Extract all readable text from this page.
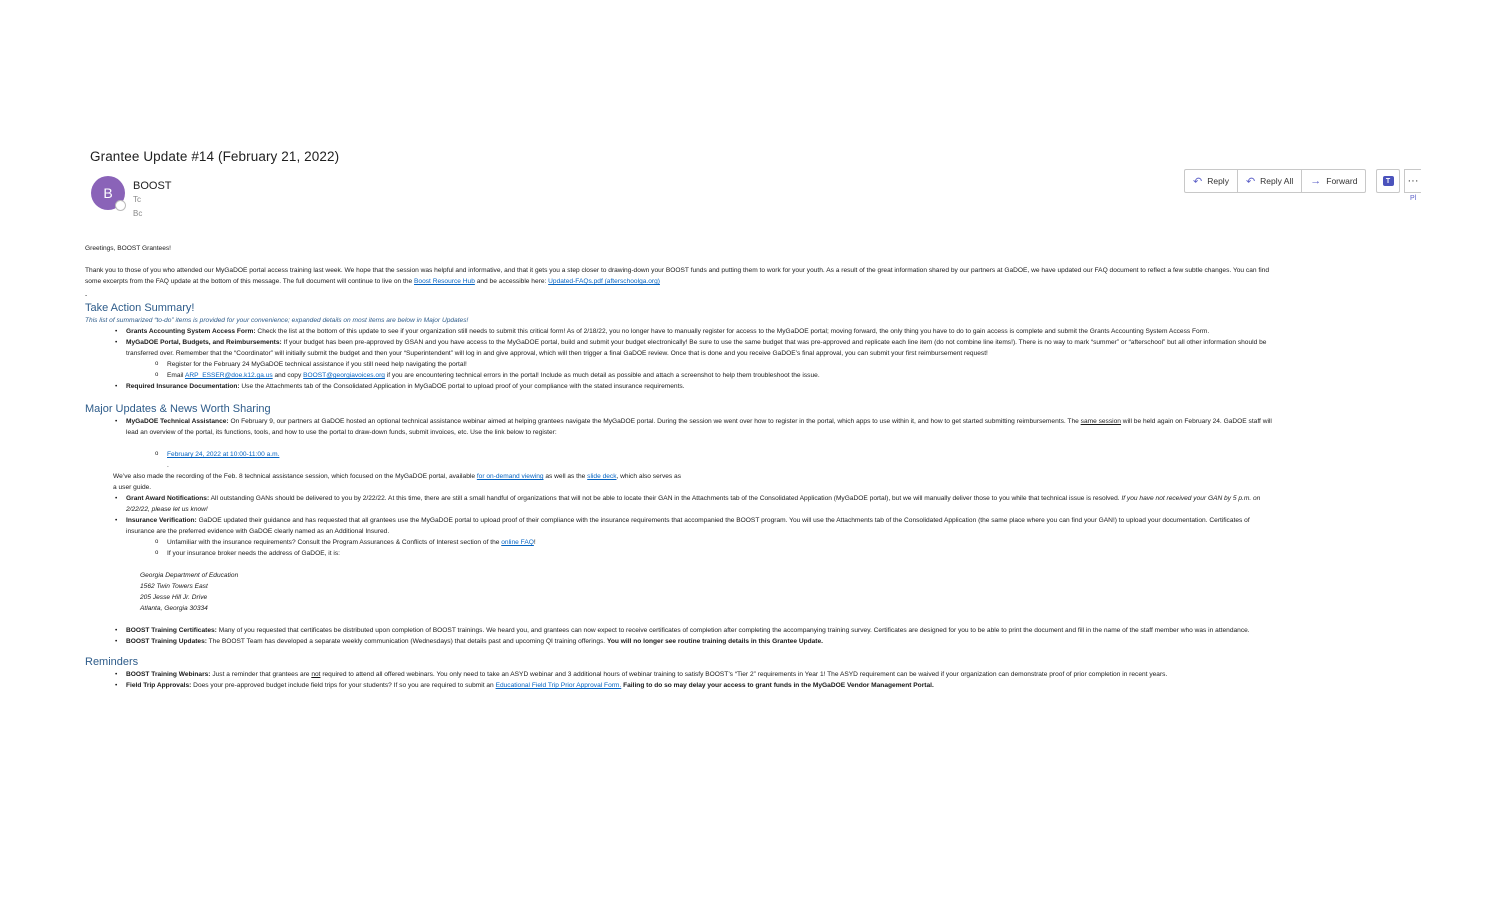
Grantee Update #14 (February 21, 2022)
B	BOOST
Tc
Bc
↶ Reply ↶ Reply All → Forward	T	···
Pl

Greetings, BOOST Grantees!

Thank you to those of you who attended our MyGaDOE portal access training last week. We hope that the session was helpful and informative, and that it gets you a step closer to drawing-down your BOOST funds and putting them to work for your youth. As a result of the great information shared by our partners at GaDOE, we have updated our FAQ document to reflect a few subtle changes. You can find some excerpts from the FAQ update at the bottom of this message. The full document will continue to live on the Boost Resource Hub and be accessible here: Updated-FAQs.pdf (afterschoolga.org)

-

Take Action Summary!

This list of summarized “to-do” items is provided for your convenience; expanded details on most items are below in Major Updates!

• Grants Accounting System Access Form: Check the list at the bottom of this update to see if your organization still needs to submit this critical form! As of 2/18/22, you no longer have to manually register for access to the MyGaDOE portal; moving forward, the only thing you have to do to gain access is complete and submit the Grants Accounting System Access Form.
• MyGaDOE Portal, Budgets, and Reimbursements: If your budget has been pre-approved by GSAN and you have access to the MyGaDOE portal, build and submit your budget electronically! Be sure to use the same budget that was pre-approved and replicate each line item (do not combine line items!). There is no way to mark “summer” or “afterschool” but all other information should be transferred over. Remember that the “Coordinator” will initially submit the budget and then your “Superintendent” will log in and give approval, which will then trigger a final GaDOE review. Once that is done and you receive GaDOE’s final approval, you can submit your first reimbursement request!
o Register for the February 24 MyGaDOE technical assistance if you still need help navigating the portal!
o Email ARP_ESSER@doe.k12.ga.us and copy BOOST@georgiavoices.org if you are encountering technical errors in the portal! Include as much detail as possible and attach a screenshot to help them troubleshoot the issue.
• Required Insurance Documentation: Use the Attachments tab of the Consolidated Application in MyGaDOE portal to upload proof of your compliance with the stated insurance requirements.

Major Updates & News Worth Sharing

• MyGaDOE Technical Assistance: On February 9, our partners at GaDOE hosted an optional technical assistance webinar aimed at helping grantees navigate the MyGaDOE portal. During the session we went over how to register in the portal, which apps to use within it, and how to get started submitting reimbursements. The same session will be held again on February 24. GaDOE staff will lead an overview of the portal, its functions, tools, and how to use the portal to draw-down funds, submit invoices, etc. Use the link below to register:
o February 24, 2022 at 10:00-11:00 a.m.
.

We’ve also made the recording of the Feb. 8 technical assistance session, which focused on the MyGaDOE portal, available for on-demand viewing as well as the slide deck, which also serves as

a user guide.

• Grant Award Notifications: All outstanding GANs should be delivered to you by 2/22/22. At this time, there are still a small handful of organizations that will not be able to locate their GAN in the Attachments tab of the Consolidated Application (MyGaDOE portal), but we will manually deliver those to you while that technical issue is resolved. If you have not received your GAN by 5 p.m. on 2/22/22, please let us know!
• Insurance Verification: GaDOE updated their guidance and has requested that all grantees use the MyGaDOE portal to upload proof of their compliance with the insurance requirements that accompanied the BOOST program. You will use the Attachments tab of the Consolidated Application (the same place where you can find your GAN!) to upload your documentation. Certificates of insurance are the preferred evidence with GaDOE clearly named as an Additional Insured.
o Unfamiliar with the insurance requirements? Consult the Program Assurances & Conflicts of Interest section of the online FAQ!
o If your insurance broker needs the address of GaDOE, it is:

Georgia Department of Education
1562 Twin Towers East
205 Jesse Hill Jr. Drive
Atlanta, Georgia 30334

• BOOST Training Certificates: Many of you requested that certificates be distributed upon completion of BOOST trainings. We heard you, and grantees can now expect to receive certificates of completion after completing the accompanying training survey. Certificates are designed for you to be able to print the document and fill in the name of the staff member who was in attendance.
• BOOST Training Updates: The BOOST Team has developed a separate weekly communication (Wednesdays) that details past and upcoming QI training offerings. You will no longer see routine training details in this Grantee Update.

Reminders

• BOOST Training Webinars: Just a reminder that grantees are not required to attend all offered webinars. You only need to take an ASYD webinar and 3 additional hours of webinar training to satisfy BOOST’s “Tier 2” requirements in Year 1! The ASYD requirement can be waived if your organization can demonstrate proof of prior completion in recent years.
• Field Trip Approvals: Does your pre-approved budget include field trips for your students? If so you are required to submit an Educational Field Trip Prior Approval Form. Failing to do so may delay your access to grant funds in the MyGaDOE Vendor Management Portal.
